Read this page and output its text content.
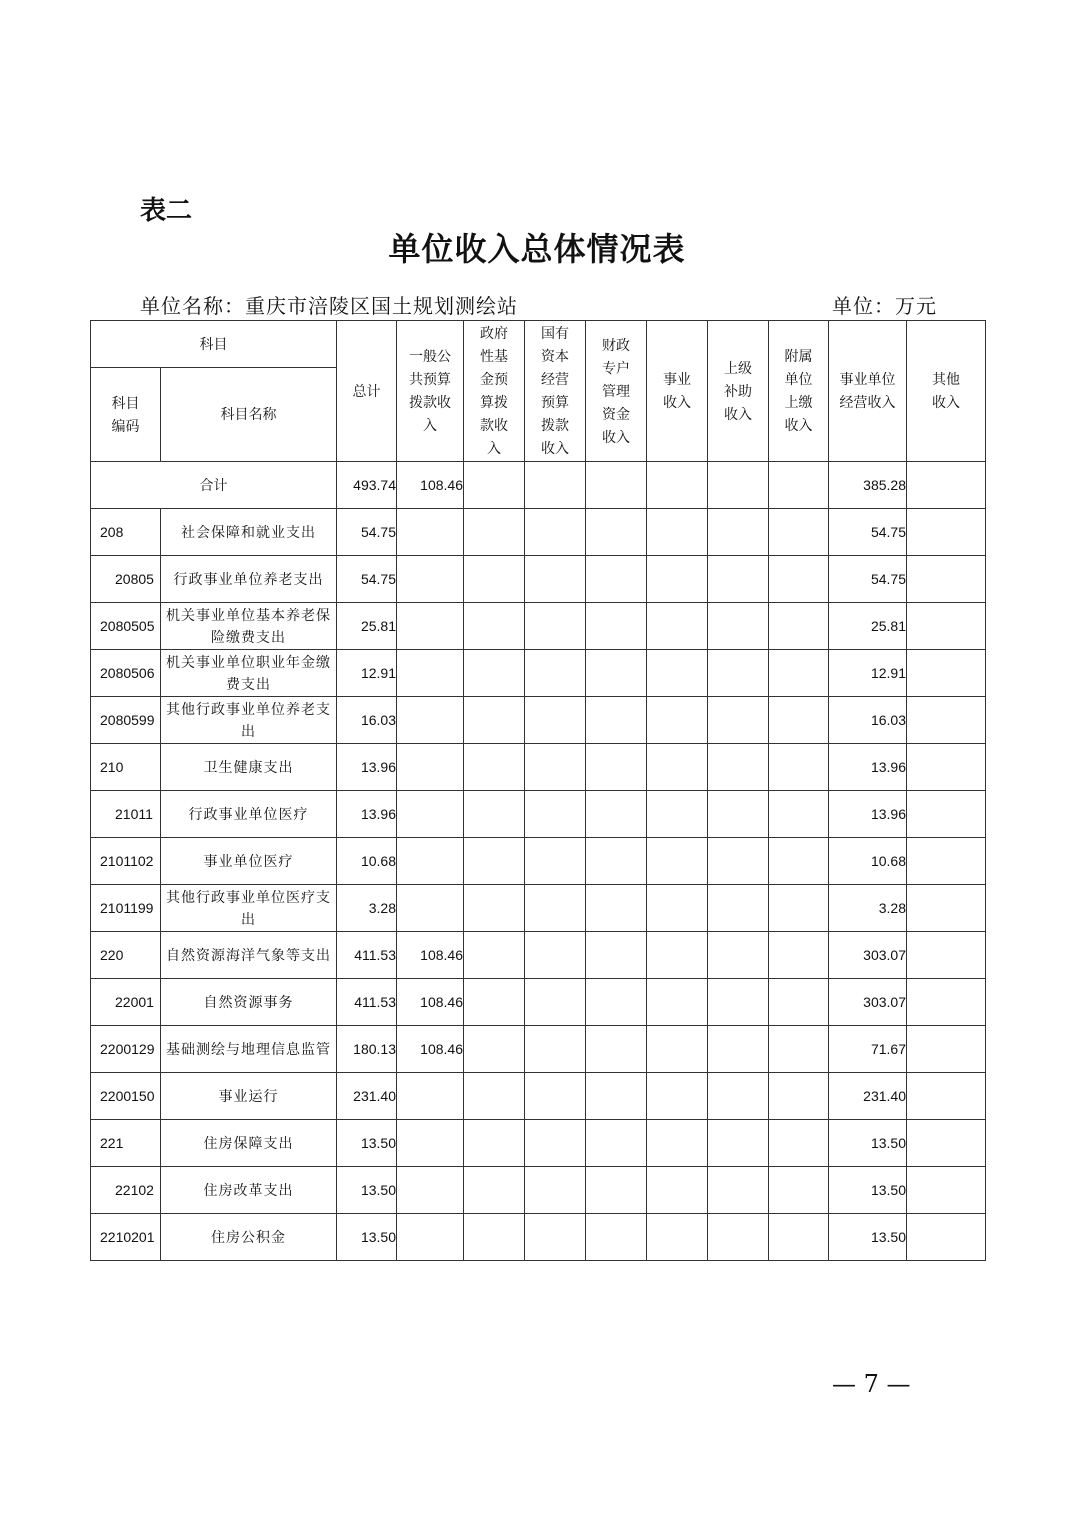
表二
单位收入总体情况表
单位名称：重庆市涪陵区国土规划测绘站	单位：万元
科目		总计	一般公共预算拨款收入	政府性基金预算拨款收入	国有资本经营预算拨款收入	财政专户管理资金收入	事业收入	上级补助收入	附属单位上缴收入	事业单位经营收入	其他收入
科目编码	科目名称										
合计		493.74	108.46							385.28	
208	社会保障和就业支出	54.75								54.75	
20805	行政事业单位养老支出	54.75								54.75	
2080505	机关事业单位基本养老保险缴费支出	25.81								25.81	
2080506	机关事业单位职业年金缴费支出	12.91								12.91	
2080599	其他行政事业单位养老支出	16.03								16.03	
210	卫生健康支出	13.96								13.96	
21011	行政事业单位医疗	13.96								13.96	
2101102	事业单位医疗	10.68								10.68	
2101199	其他行政事业单位医疗支出	3.28								3.28	
220	自然资源海洋气象等支出	411.53	108.46							303.07	
22001	自然资源事务	411.53	108.46							303.07	
2200129	基础测绘与地理信息监管	180.13	108.46							71.67	
2200150	事业运行	231.40								231.40	
221	住房保障支出	13.50								13.50	
22102	住房改革支出	13.50								13.50	
2210201	住房公积金	13.50								13.50	
— 7 —
